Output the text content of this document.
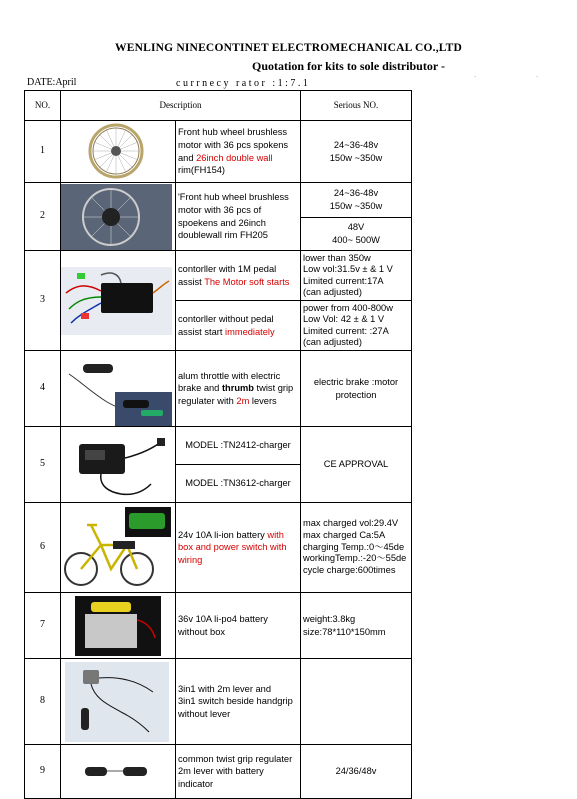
WENLING NINECONTINET ELECTROMECHANICAL CO.,LTD
Quotation for kits to sole distributor -
DATE:April	currnecy rator :1:7.1
.	.
NO.	Description		Serious NO.
1		Front hub wheel brushless motor with 36 pcs spokens and 26inch double wall rim(FH154)	24~36-48v
150w ~350w

2		'Front hub wheel brushless motor with 36 pcs of spoekens and 26inch doublewall rim FH205	24~36-48v
150w ~350w

			48V
400~ 500W

3		contorller with 1M pedal assist The Motor soft starts	lower than 350w
Low vol:31.5v ± & 1 V
Limited current:17A
(can adjusted)

		contorller without pedal assist start immediately	power from 400-800w
Low Vol: 42 ± & 1 V
Limited current: :27A
(can adjusted)

4		alum throttle with electric brake and thrumb twist grip regulater with 2m levers	electric brake :motor protection
5		MODEL :TN2412-charger	CE APPROVAL
		MODEL :TN3612-charger	
6		24v 10A li-ion battery with box and power switch with wiring	max charged vol:29.4V
max charged Ca:5A
charging Temp.:0～45de
workingTemp.:-20～55de
cycle charge:600times

7		36v 10A li-po4 battery without box	weight:3.8kg
size:78*110*150mm

8		3in1 with 2m lever and
3in1 switch beside handgrip
without lever	

9		common twist grip regulater 2m lever with battery indicator	24/36/48v
